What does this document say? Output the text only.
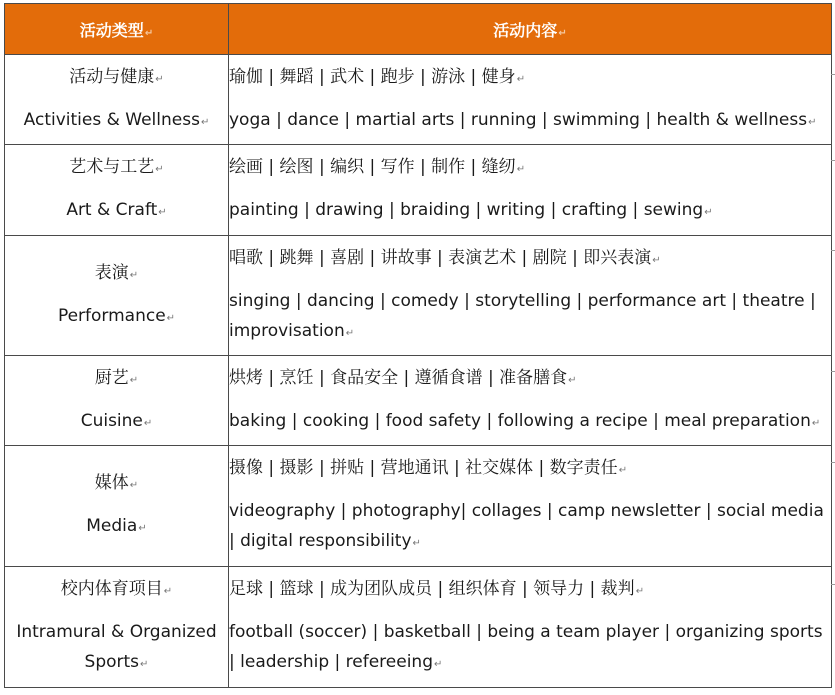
活动类型↵	活动内容↵

活动与健康↵
Activities & Wellness↵	瑜伽 | 舞蹈 | 武术 | 跑步 | 游泳 | 健身↵
yoga | dance | martial arts | running | swimming | health & wellness↵

艺术与工艺↵
Art & Craft↵	绘画 | 绘图 | 编织 | 写作 | 制作 | 缝纫↵
painting | drawing | braiding | writing | crafting | sewing↵

表演↵
Performance↵	唱歌 | 跳舞 | 喜剧 | 讲故事 | 表演艺术 | 剧院 | 即兴表演↵
singing | dancing | comedy | storytelling | performance art | theatre | improvisation↵

厨艺↵
Cuisine↵	烘烤 | 烹饪 | 食品安全 | 遵循食谱 | 准备膳食↵
baking | cooking | food safety | following a recipe | meal preparation↵

媒体↵
Media↵	摄像 | 摄影 | 拼贴 | 营地通讯 | 社交媒体 | 数字责任↵
videography | photography| collages | camp newsletter | social media | digital responsibility↵

校内体育项目↵
Intramural & Organized Sports↵	足球 | 篮球 | 成为团队成员 | 组织体育 | 领导力 | 裁判↵
football (soccer) | basketball | being a team player | organizing sports | leadership | refereeing↵
